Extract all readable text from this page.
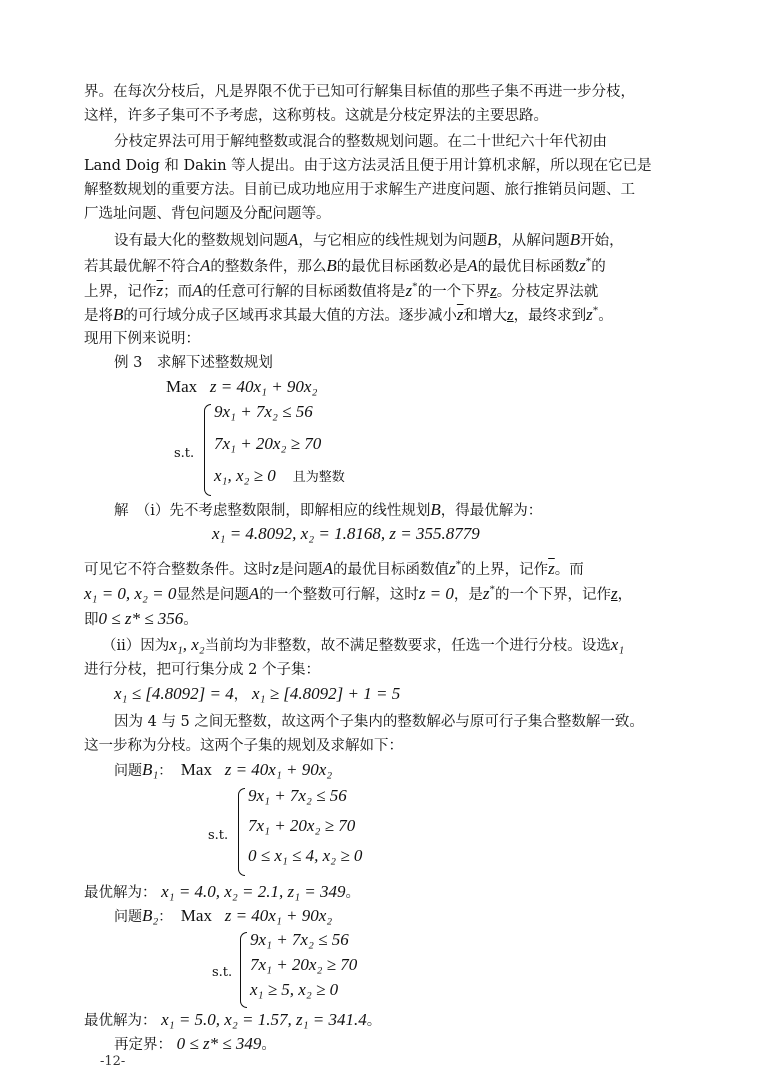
界。在每次分枝后，凡是界限不优于已知可行解集目标值的那些子集不再进一步分枝，
这样，许多子集可不予考虑，这称剪枝。这就是分枝定界法的主要思路。
分枝定界法可用于解纯整数或混合的整数规划问题。在二十世纪六十年代初由
Land Doig 和 Dakin 等人提出。由于这方法灵活且便于用计算机求解，所以现在它已是
解整数规划的重要方法。目前已成功地应用于求解生产进度问题、旅行推销员问题、工
厂选址问题、背包问题及分配问题等。
设有最大化的整数规划问题A，与它相应的线性规划为问题B，从解问题B开始，
若其最优解不符合A的整数条件，那么B的最优目标函数必是A的最优目标函数z*的
上界，记作$\overline{z}$；而A的任意可行解的目标函数值将是z*的一个下界z。分枝定界法就
是将B的可行域分成子区域再求其最大值的方法。逐步减小$\overline{z}$和增大z，最终求到z*。
现用下例来说明：
例 3　求解下述整数规划
Max z = 40x₁ + 90x₂
s.t.
9x₁ + 7x₂ ≤ 56
7x₁ + 20x₂ ≥ 70
x₁, x₂ ≥ 0 且为整数
解　（i）先不考虑整数限制，即解相应的线性规划B，得最优解为：
x₁ = 4.8092, x₂ = 1.8168, z = 355.8779
可见它不符合整数条件。这时z是问题A的最优目标函数值z*的上界，记作$\overline{z}$。而
x₁ = 0, x₂ = 0显然是问题A的一个整数可行解，这时z = 0，是z*的一个下界，记作z，
即0 ≤ z* ≤ 356。
（ii）因为x₁, x₂当前均为非整数，故不满足整数要求，任选一个进行分枝。设选x₁
进行分枝，把可行集分成 2 个子集：
x₁ ≤ [4.8092] = 4， x₁ ≥ [4.8092] + 1 = 5
因为 4 与 5 之间无整数，故这两个子集内的整数解必与原可行子集合整数解一致。
这一步称为分枝。这两个子集的规划及求解如下：
问题B₁： Max z = 40x₁ + 90x₂
s.t.
9x₁ + 7x₂ ≤ 56
7x₁ + 20x₂ ≥ 70
0 ≤ x₁ ≤ 4, x₂ ≥ 0
最优解为： x₁ = 4.0, x₂ = 2.1, z₁ = 349。
问题B₂： Max z = 40x₁ + 90x₂
s.t.
9x₁ + 7x₂ ≤ 56
7x₁ + 20x₂ ≥ 70
x₁ ≥ 5, x₂ ≥ 0
最优解为： x₁ = 5.0, x₂ = 1.57, z₁ = 341.4。
再定界： 0 ≤ z* ≤ 349。
-12-
